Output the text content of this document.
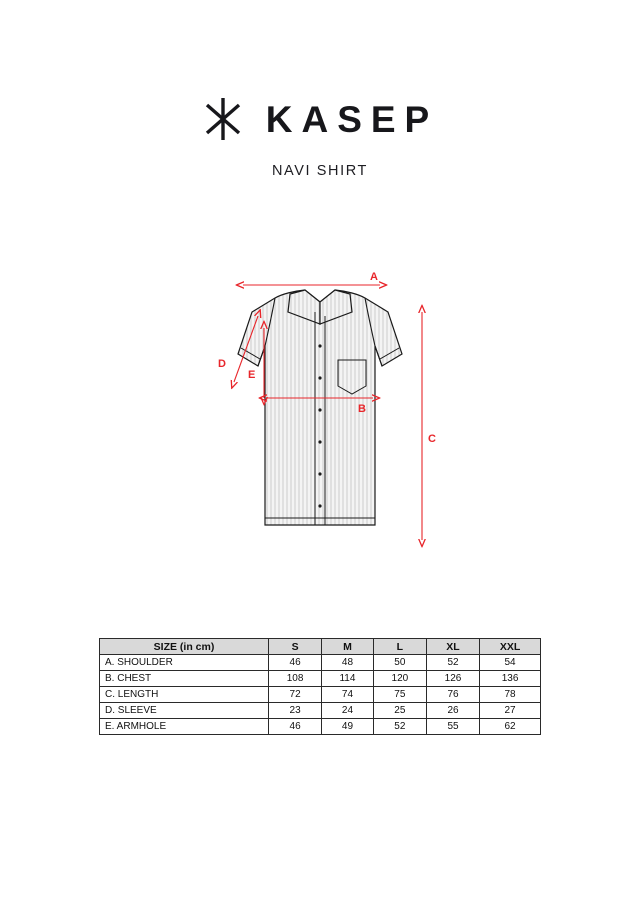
KASEP
NAVI SHIRT
A
C
B
D
E
SIZE (in cm)	S	M	L	XL	XXL
A. SHOULDER	46	48	50	52	54
B. CHEST	108	114	120	126	136
C. LENGTH	72	74	75	76	78
D. SLEEVE	23	24	25	26	27
E. ARMHOLE	46	49	52	55	62
